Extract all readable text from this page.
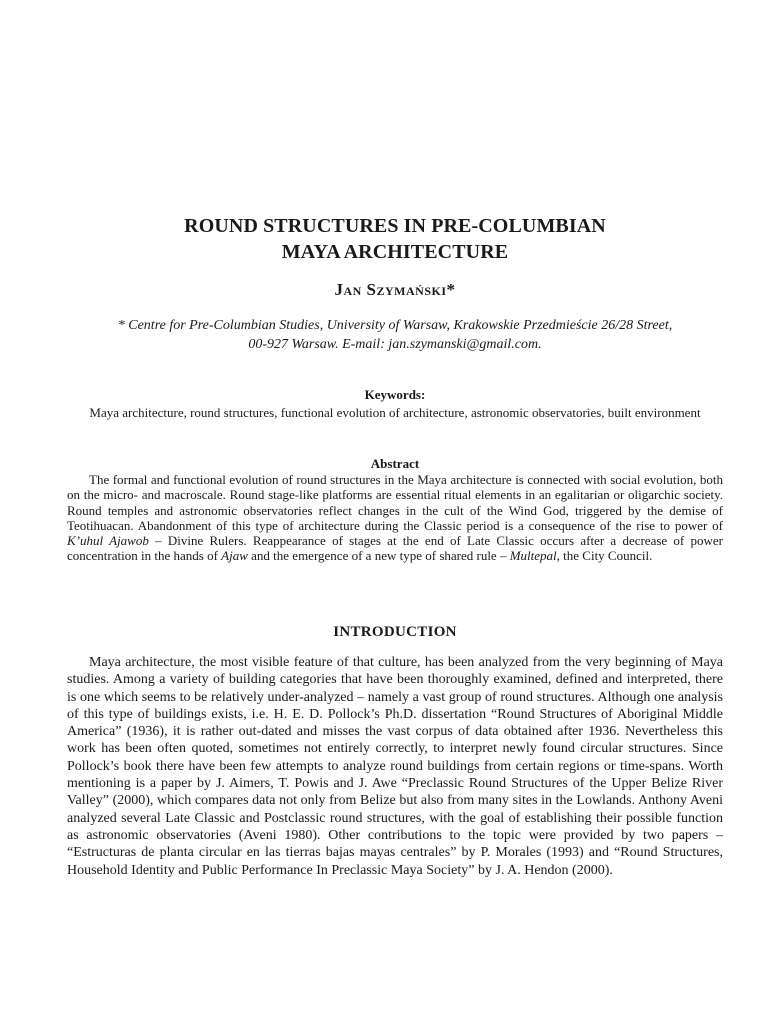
ROUND STRUCTURES IN PRE-COLUMBIAN
MAYA ARCHITECTURE
Jan Szymański*
* Centre for Pre-Columbian Studies, University of Warsaw, Krakowskie Przedmieście 26/28 Street,
00-927 Warsaw. E-mail: jan.szymanski@gmail.com.
Keywords:
Maya architecture, round structures, functional evolution of architecture, astronomic observatories, built environment
Abstract
The formal and functional evolution of round structures in the Maya architecture is connected with social evolution, both on the micro- and macroscale. Round stage-like platforms are essential ritual elements in an egalitarian or oligarchic society. Round temples and astronomic observatories reflect changes in the cult of the Wind God, triggered by the demise of Teotihuacan. Abandonment of this type of architecture during the Classic period is a consequence of the rise to power of K’uhul Ajawob – Divine Rulers. Reappearance of stages at the end of Late Classic occurs after a decrease of power concentration in the hands of Ajaw and the emergence of a new type of shared rule – Multepal, the City Council.
INTRODUCTION
Maya architecture, the most visible feature of that culture, has been analyzed from the very beginning of Maya studies. Among a variety of building categories that have been thoroughly examined, defined and interpreted, there is one which seems to be relatively under-analyzed – namely a vast group of round structures. Although one analysis of this type of buildings exists, i.e. H. E. D. Pollock’s Ph.D. dissertation “Round Structures of Aboriginal Middle America” (1936), it is rather out-dated and misses the vast corpus of data obtained after 1936. Nevertheless this work has been often quoted, sometimes not entirely correctly, to interpret newly found circular structures. Since Pollock’s book there have been few attempts to analyze round buildings from certain regions or time-spans. Worth mentioning is a paper by J. Aimers, T. Powis and J. Awe “Preclassic Round Structures of the Upper Belize River Valley” (2000), which compares data not only from Belize but also from many sites in the Lowlands. Anthony Aveni analyzed several Late Classic and Postclassic round structures, with the goal of establishing their possible function as astronomic observatories (Aveni 1980). Other contributions to the topic were provided by two papers – “Estructuras de planta circular en las tierras bajas mayas centrales” by P. Morales (1993) and “Round Structures, Household Identity and Public Performance In Preclassic Maya Society” by J. A. Hendon (2000).
